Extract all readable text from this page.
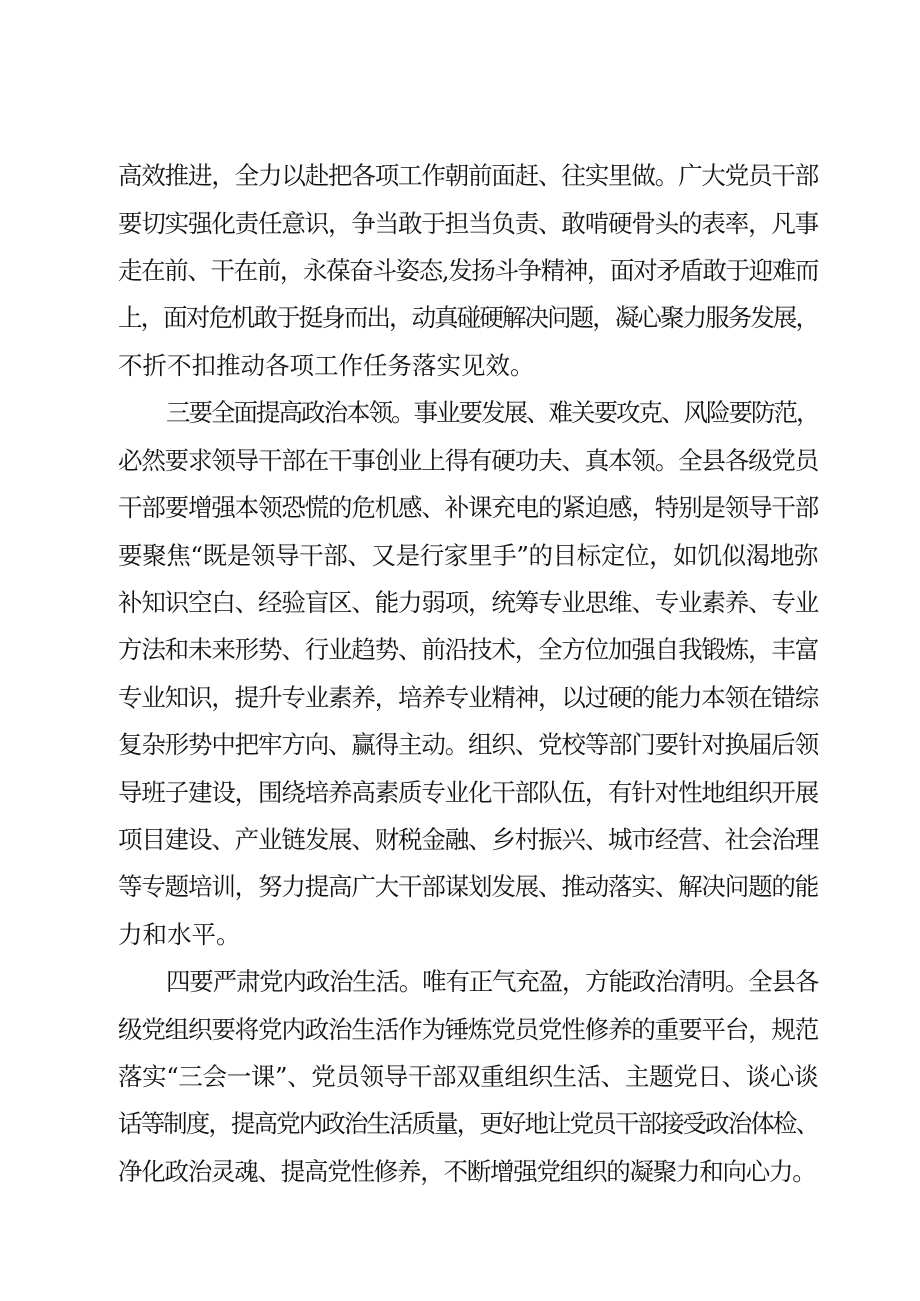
高效推进，全力以赴把各项工作朝前面赶、往实里做。广大党员干部
要切实强化责任意识，争当敢于担当负责、敢啃硬骨头的表率，凡事
走在前、干在前，永葆奋斗姿态,发扬斗争精神，面对矛盾敢于迎难而
上，面对危机敢于挺身而出，动真碰硬解决问题，凝心聚力服务发展，
不折不扣推动各项工作任务落实见效。
三要全面提高政治本领。事业要发展、难关要攻克、风险要防范，
必然要求领导干部在干事创业上得有硬功夫、真本领。全县各级党员
干部要增强本领恐慌的危机感、补课充电的紧迫感，特别是领导干部
要聚焦“既是领导干部、又是行家里手”的目标定位，如饥似渴地弥
补知识空白、经验盲区、能力弱项，统筹专业思维、专业素养、专业
方法和未来形势、行业趋势、前沿技术，全方位加强自我锻炼，丰富
专业知识，提升专业素养，培养专业精神，以过硬的能力本领在错综
复杂形势中把牢方向、赢得主动。组织、党校等部门要针对换届后领
导班子建设，围绕培养高素质专业化干部队伍，有针对性地组织开展
项目建设、产业链发展、财税金融、乡村振兴、城市经营、社会治理
等专题培训，努力提高广大干部谋划发展、推动落实、解决问题的能
力和水平。
四要严肃党内政治生活。唯有正气充盈，方能政治清明。全县各
级党组织要将党内政治生活作为锤炼党员党性修养的重要平台，规范
落实“三会一课”、党员领导干部双重组织生活、主题党日、谈心谈
话等制度，提高党内政治生活质量，更好地让党员干部接受政治体检、
净化政治灵魂、提高党性修养，不断增强党组织的凝聚力和向心力。
